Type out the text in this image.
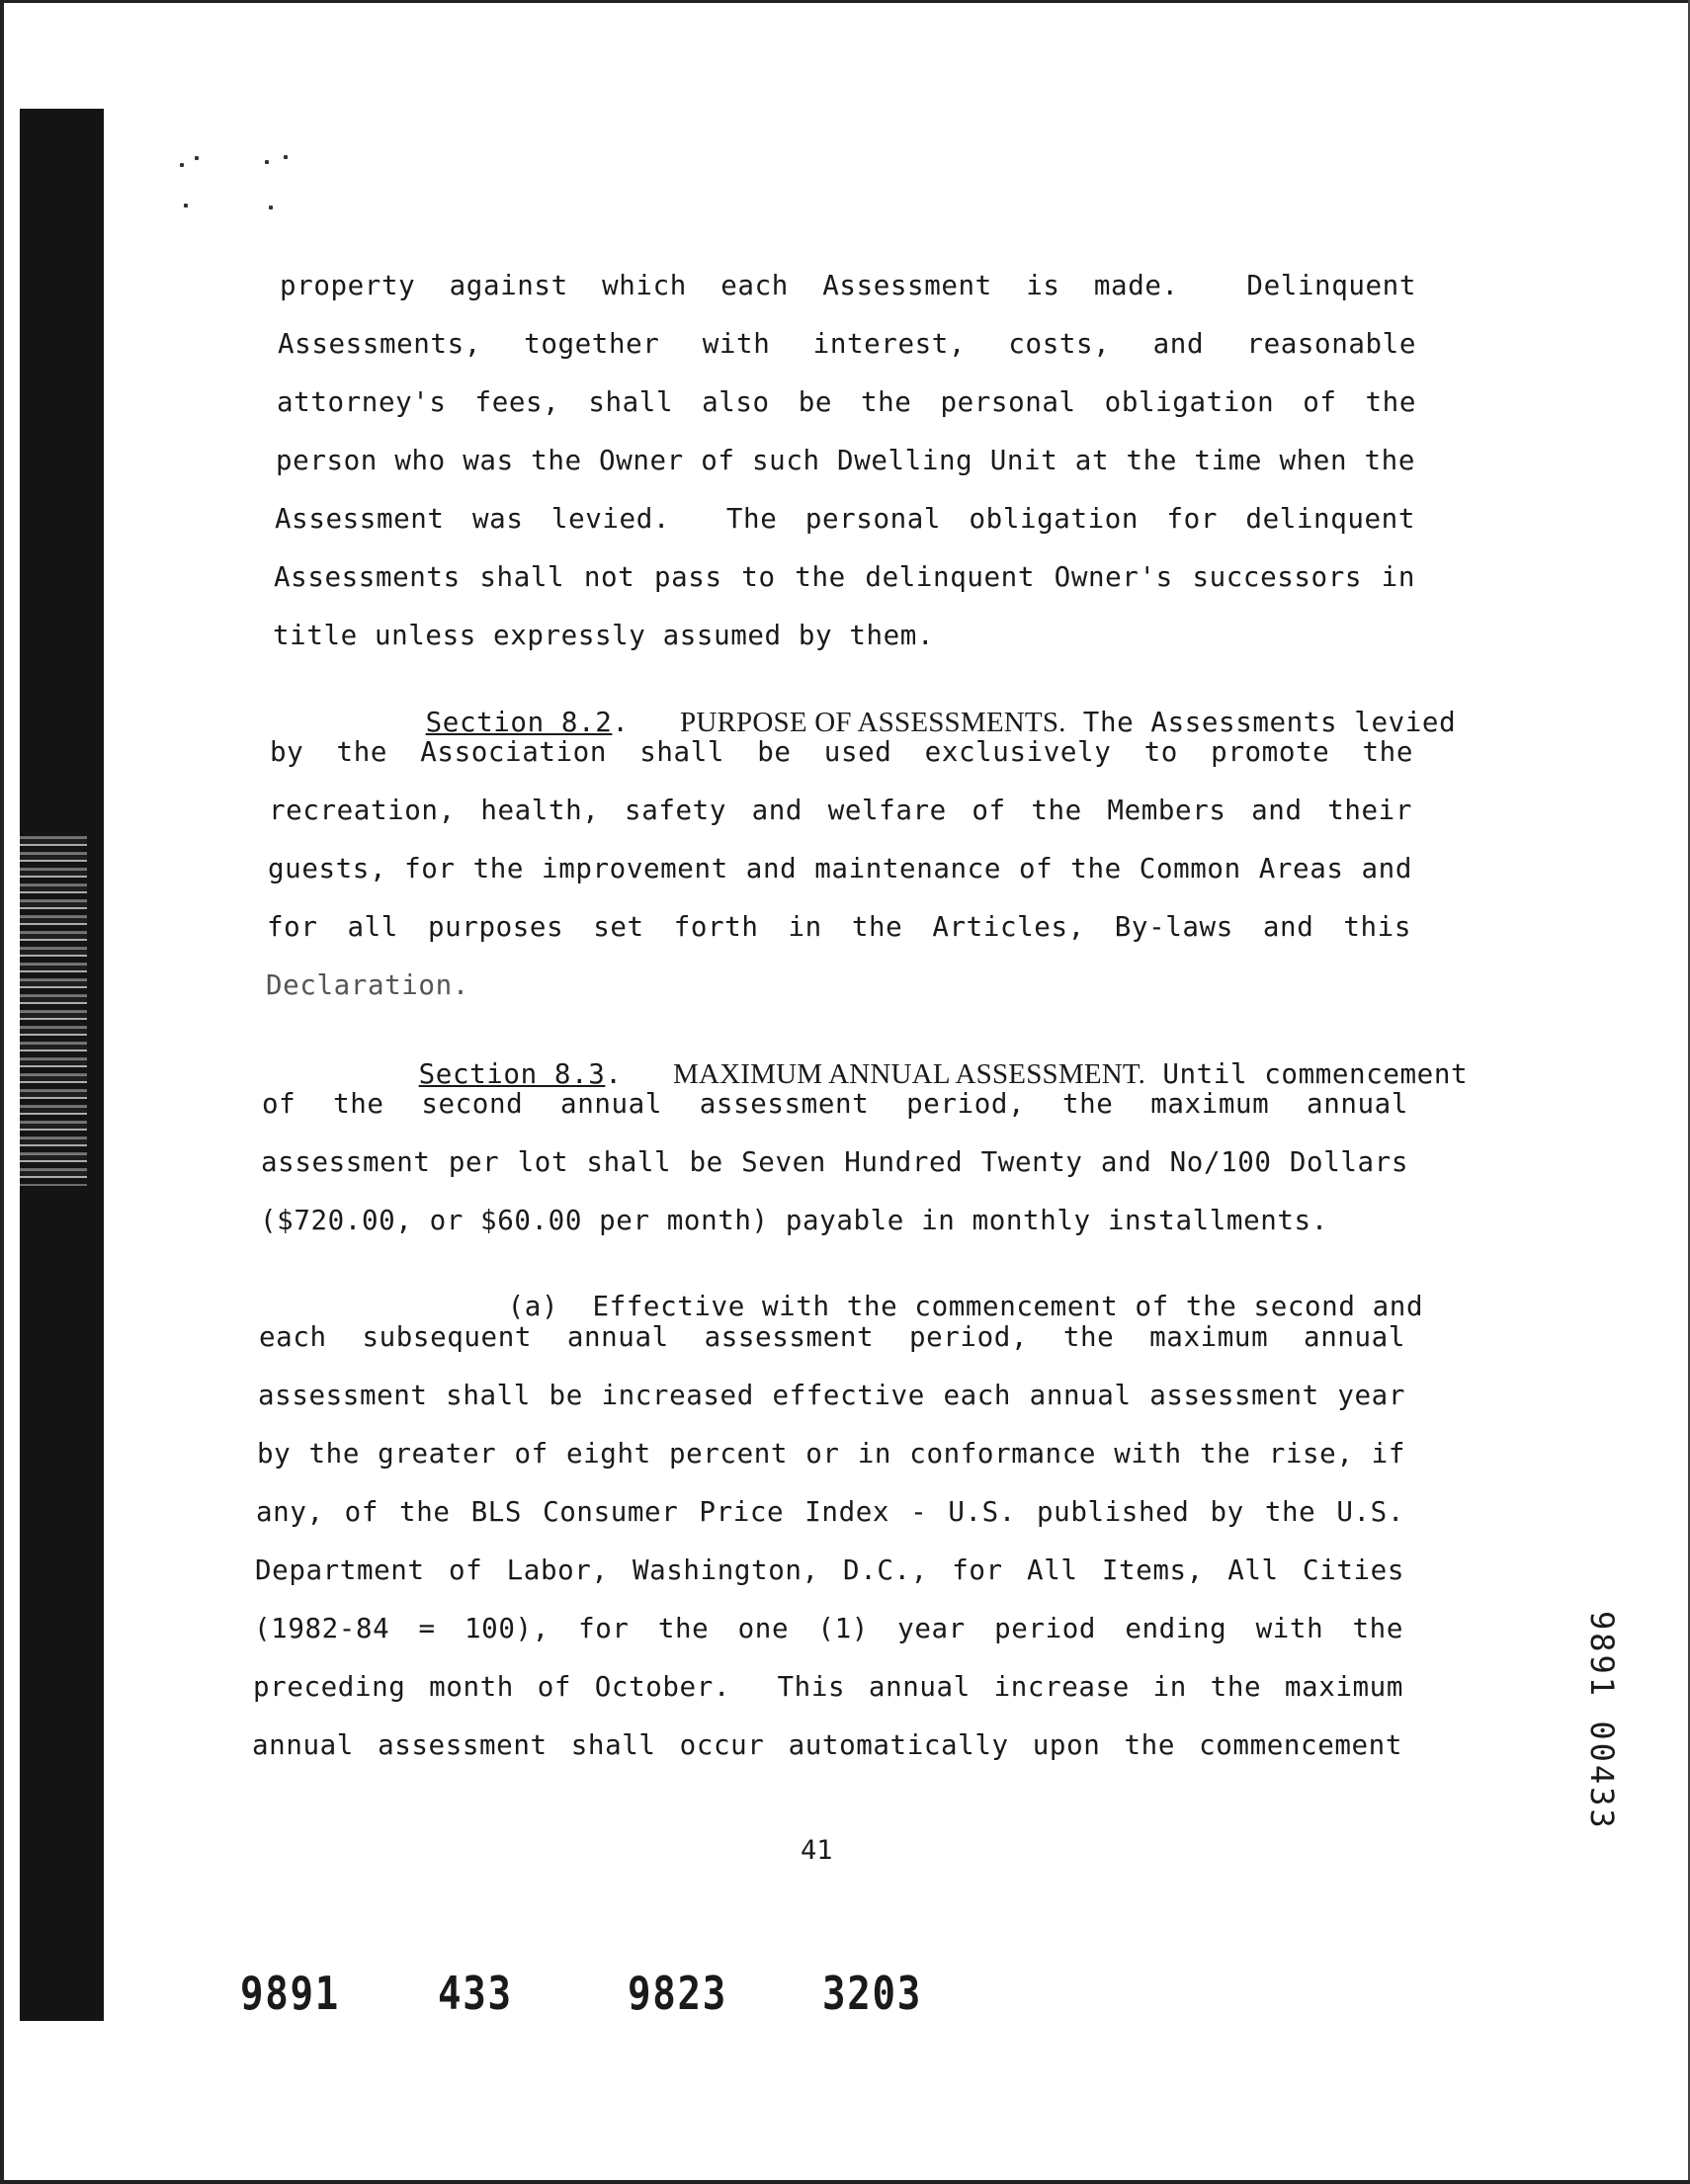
property against which each Assessment is made.  Delinquent
Assessments, together with interest, costs, and reasonable
attorney's fees, shall also be the personal obligation of the
person who was the Owner of such Dwelling Unit at the time when the
Assessment was levied.  The personal obligation for delinquent
Assessments shall not pass to the delinquent Owner's successors in
title unless expressly assumed by them.

Section 8.2.   PURPOSE OF ASSESSMENTS. The Assessments levied

by the Association shall be used exclusively to promote the
recreation, health, safety and welfare of the Members and their
guests, for the improvement and maintenance of the Common Areas and
for all purposes set forth in the Articles, By-laws and this
Declaration.

Section 8.3.   MAXIMUM ANNUAL ASSESSMENT. Until commencement

of the second annual assessment period, the maximum annual
assessment per lot shall be Seven Hundred Twenty and No/100 Dollars
($720.00, or $60.00 per month) payable in monthly installments.

(a) Effective with the commencement of the second and

each subsequent annual assessment period, the maximum annual
assessment shall be increased effective each annual assessment year
by the greater of eight percent or in conformance with the rise, if
any, of the BLS Consumer Price Index - U.S. published by the U.S.
Department of Labor, Washington, D.C., for All Items, All Cities
(1982-84 = 100), for the one (1) year period ending with the
preceding month of October.  This annual increase in the maximum
annual assessment shall occur automatically upon the commencement
41
9891 433	9823 3203
9891 00433
